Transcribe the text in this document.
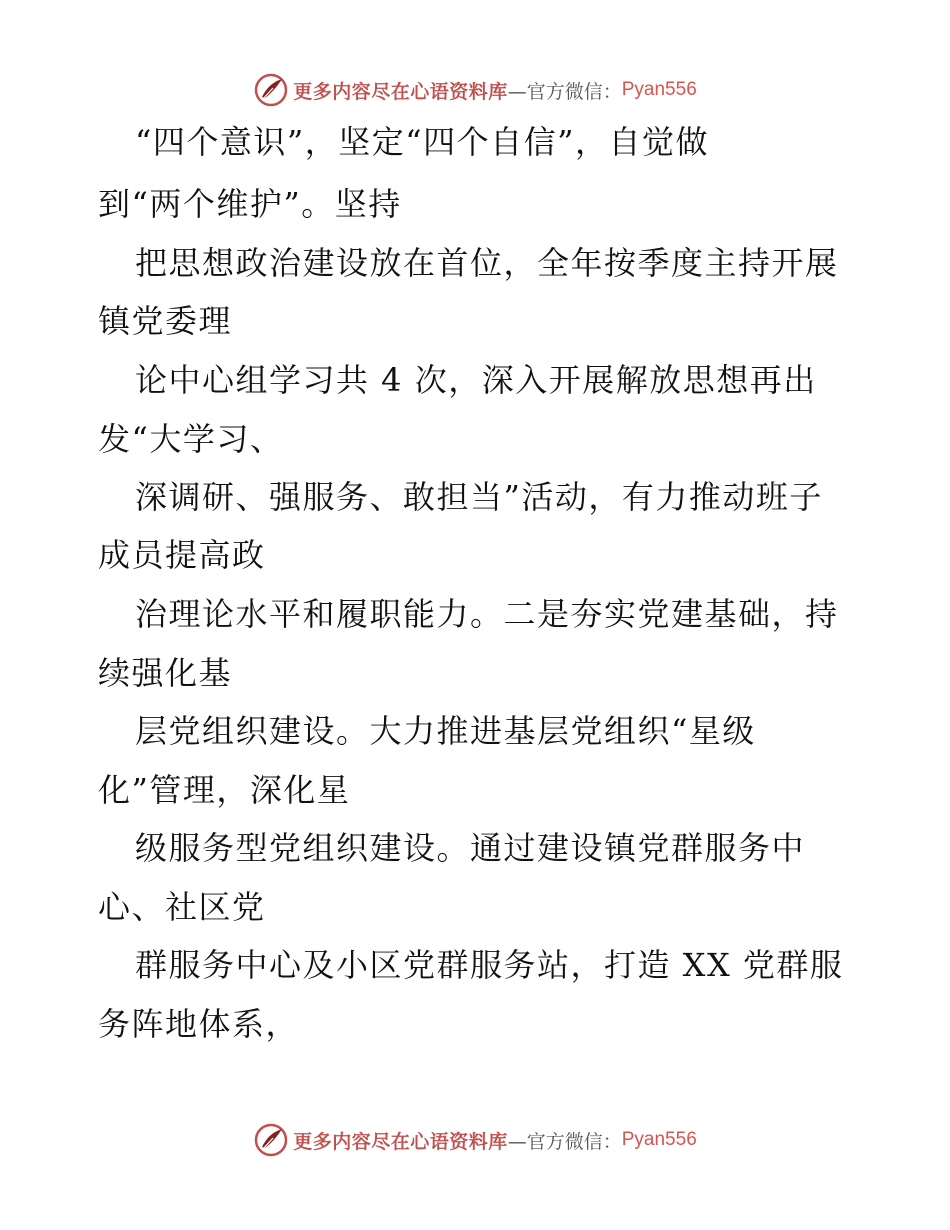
更多内容尽在心语资料库 —官方微信： Pyan556
“四个意识”，坚定“四个自信”，自觉做
到“两个维护”。坚持
把思想政治建设放在首位，全年按季度主持开展
镇党委理
论中心组学习共 4 次，深入开展解放思想再出
发“大学习、
深调研、强服务、敢担当”活动，有力推动班子
成员提高政
治理论水平和履职能力。二是夯实党建基础，持
续强化基
层党组织建设。大力推进基层党组织“星级
化”管理，深化星
级服务型党组织建设。通过建设镇党群服务中
心、社区党
群服务中心及小区党群服务站，打造 XX 党群服
务阵地体系，
更多内容尽在心语资料库 —官方微信： Pyan556
